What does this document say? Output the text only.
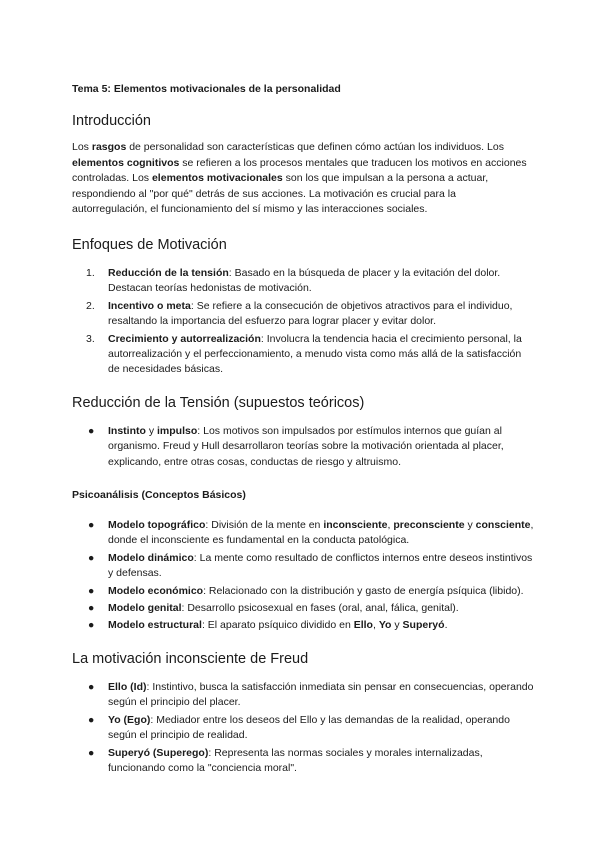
Tema 5: Elementos motivacionales de la personalidad
Introducción

Los rasgos de personalidad son características que definen cómo actúan los individuos. Los elementos cognitivos se refieren a los procesos mentales que traducen los motivos en acciones controladas. Los elementos motivacionales son los que impulsan a la persona a actuar, respondiendo al "por qué" detrás de sus acciones. La motivación es crucial para la autorregulación, el funcionamiento del sí mismo y las interacciones sociales.

Enfoques de Motivación
1.	Reducción de la tensión: Basado en la búsqueda de placer y la evitación del dolor. Destacan teorías hedonistas de motivación.
2.	Incentivo o meta: Se refiere a la consecución de objetivos atractivos para el individuo, resaltando la importancia del esfuerzo para lograr placer y evitar dolor.
3.	Crecimiento y autorrealización: Involucra la tendencia hacia el crecimiento personal, la autorrealización y el perfeccionamiento, a menudo vista como más allá de la satisfacción de necesidades básicas.
Reducción de la Tensión (supuestos teóricos)
●	Instinto y impulso: Los motivos son impulsados por estímulos internos que guían al organismo. Freud y Hull desarrollaron teorías sobre la motivación orientada al placer, explicando, entre otras cosas, conductas de riesgo y altruismo.
Psicoanálisis (Conceptos Básicos)
●	Modelo topográfico: División de la mente en inconsciente, preconsciente y consciente, donde el inconsciente es fundamental en la conducta patológica.
●	Modelo dinámico: La mente como resultado de conflictos internos entre deseos instintivos y defensas.
●	Modelo económico: Relacionado con la distribución y gasto de energía psíquica (libido).
●	Modelo genital: Desarrollo psicosexual en fases (oral, anal, fálica, genital).
●	Modelo estructural: El aparato psíquico dividido en Ello, Yo y Superyó.
La motivación inconsciente de Freud
●	Ello (Id): Instintivo, busca la satisfacción inmediata sin pensar en consecuencias, operando según el principio del placer.
●	Yo (Ego): Mediador entre los deseos del Ello y las demandas de la realidad, operando según el principio de realidad.
●	Superyó (Superego): Representa las normas sociales y morales internalizadas, funcionando como la "conciencia moral".
